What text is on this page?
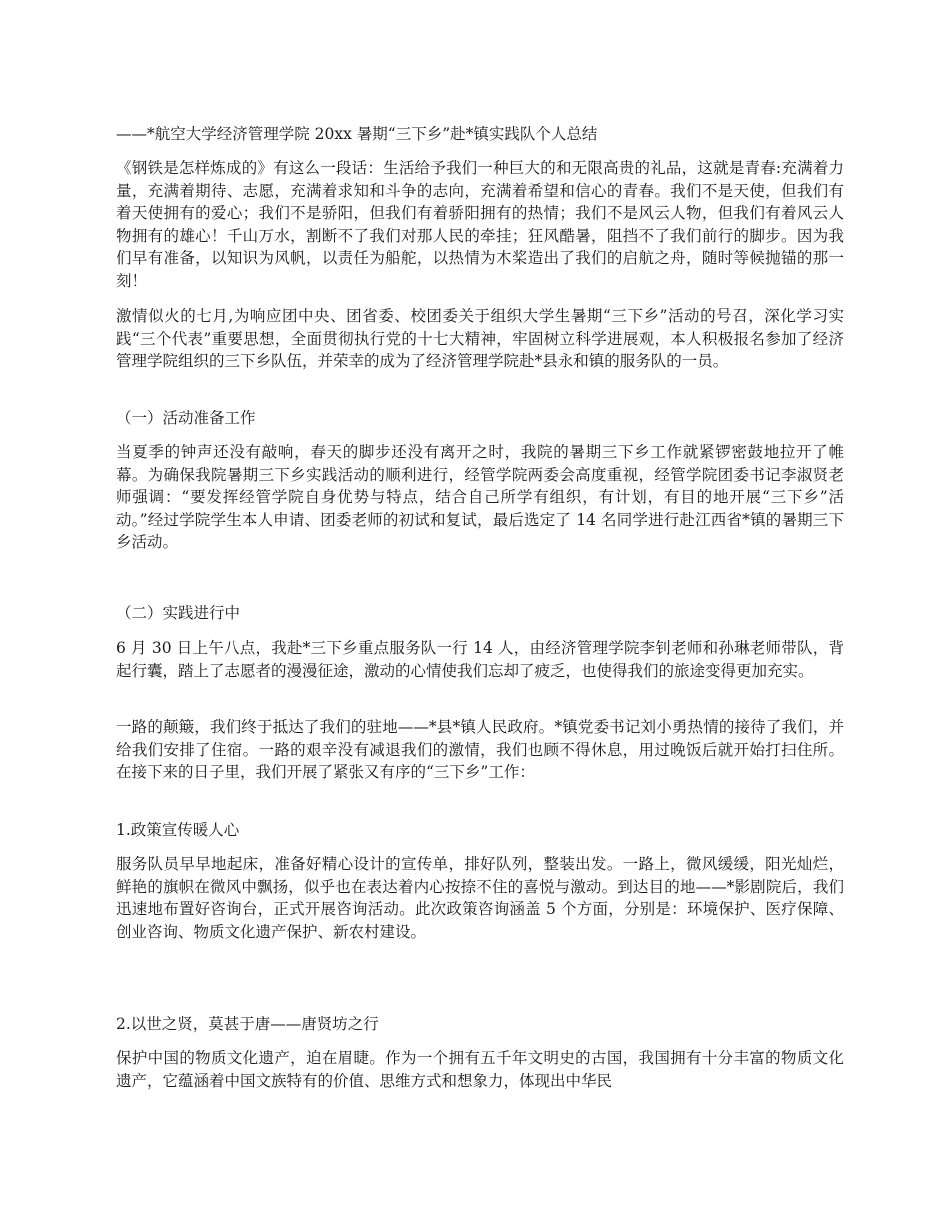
——*航空大学经济管理学院 20xx 暑期“三下乡”赴*镇实践队个人总结

《钢铁是怎样炼成的》有这么一段话：生活给予我们一种巨大的和无限高贵的礼品，这就是青春:充满着力量，充满着期待、志愿，充满着求知和斗争的志向，充满着希望和信心的青春。我们不是天使，但我们有着天使拥有的爱心；我们不是骄阳，但我们有着骄阳拥有的热情；我们不是风云人物，但我们有着风云人物拥有的雄心！千山万水，割断不了我们对那人民的牵挂；狂风酷暑，阻挡不了我们前行的脚步。因为我们早有准备，以知识为风帆，以责任为船舵，以热情为木桨造出了我们的启航之舟，随时等候抛锚的那一刻！

激情似火的七月,为响应团中央、团省委、校团委关于组织大学生暑期“三下乡”活动的号召，深化学习实践“三个代表”重要思想，全面贯彻执行党的十七大精神，牢固树立科学进展观，本人积极报名参加了经济管理学院组织的三下乡队伍，并荣幸的成为了经济管理学院赴*县永和镇的服务队的一员。

（一）活动准备工作

当夏季的钟声还没有敲响，春天的脚步还没有离开之时，我院的暑期三下乡工作就紧锣密鼓地拉开了帷幕。为确保我院暑期三下乡实践活动的顺利进行，经管学院两委会高度重视，经管学院团委书记李淑贤老师强调：“要发挥经管学院自身优势与特点，结合自己所学有组织，有计划，有目的地开展“三下乡”活动。”经过学院学生本人申请、团委老师的初试和复试，最后选定了 14 名同学进行赴江西省*镇的暑期三下乡活动。

（二）实践进行中

6 月 30 日上午八点，我赴*三下乡重点服务队一行 14 人，由经济管理学院李钊老师和孙琳老师带队，背起行囊，踏上了志愿者的漫漫征途，激动的心情使我们忘却了疲乏，也使得我们的旅途变得更加充实。

一路的颠簸，我们终于抵达了我们的驻地——*县*镇人民政府。*镇党委书记刘小勇热情的接待了我们，并给我们安排了住宿。一路的艰辛没有减退我们的激情，我们也顾不得休息，用过晚饭后就开始打扫住所。在接下来的日子里，我们开展了紧张又有序的“三下乡”工作：

1.政策宣传暖人心

服务队员早早地起床，准备好精心设计的宣传单，排好队列，整装出发。一路上，微风缓缓，阳光灿烂，鲜艳的旗帜在微风中飘扬，似乎也在表达着内心按捺不住的喜悦与激动。到达目的地——*影剧院后，我们迅速地布置好咨询台，正式开展咨询活动。此次政策咨询涵盖 5 个方面，分别是：环境保护、医疗保障、创业咨询、物质文化遗产保护、新农村建设。

2.以世之贤，莫甚于唐——唐贤坊之行

保护中国的物质文化遗产，迫在眉睫。作为一个拥有五千年文明史的古国，我国拥有十分丰富的物质文化遗产，它蕴涵着中国文族特有的价值、思维方式和想象力，体现出中华民
